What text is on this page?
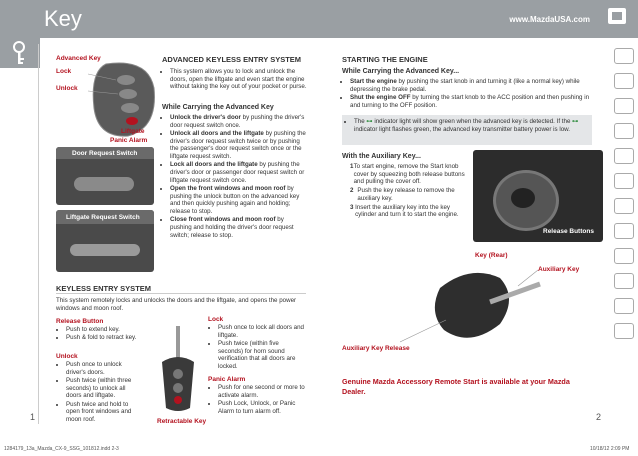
Key	www.MazdaUSA.com
Advanced Key
Lock
Unlock
Liftgate
Panic Alarm
Door Request Switch
Liftgate Request Switch
ADVANCED KEYLESS ENTRY SYSTEM
• This system allows you to lock and unlock the doors, open the liftgate and even start the engine without taking the key out of your pocket or purse.
While Carrying the Advanced Key
• Unlock the driver's door by pushing the driver's door request switch once.
• Unlock all doors and the liftgate by pushing the driver's door request switch twice or by pushing the passenger's door request switch once or the liftgate request switch.
• Lock all doors and the liftgate by pushing the driver's door or passenger door request switch or liftgate request switch once.
• Open the front windows and moon roof by pushing the unlock button on the advanced key and then quickly pushing again and holding; release to stop.
• Close front windows and moon roof by pushing and holding the driver's door request switch; release to stop.
KEYLESS ENTRY SYSTEM
This system remotely locks and unlocks the doors and the liftgate, and opens the power windows and moon roof.
Release Button
• Push to extend key.
• Push & fold to retract key.
Unlock
• Push once to unlock driver's doors.
• Push twice (within three seconds) to unlock all doors and liftgate.
• Push twice and hold to open front windows and moon roof.	Retractable Key
Lock
• Push once to lock all doors and liftgate.
• Push twice (within five seconds) for horn sound verification that all doors are locked.
Panic Alarm
• Push for one second or more to activate alarm.
• Push Lock, Unlock, or Panic Alarm to turn alarm off.
STARTING THE ENGINE
While Carrying the Advanced Key...
• Start the engine by pushing the start knob in and turning it (like a normal key) while depressing the brake pedal.
• Shut the engine OFF by turning the start knob to the ACC position and then pushing in and turning to the OFF position.
• The ⊶ indicator light will show green when the advanced key is detected. If the ⊶ indicator light flashes green, the advanced key transmitter battery power is low.
With the Auxiliary Key...
1 To start engine, remove the Start knob cover by squeezing both release buttons and pulling the cover off.
2 Push the key release to remove the auxiliary key.
3 Insert the auxiliary key into the key cylinder and turn it to start the engine.
Release Buttons
Key (Rear)
Auxiliary Key
Auxiliary Key Release
Genuine Mazda Accessory Remote Start is available at your Mazda Dealer.
1	2
1284179_13a_Mazda_CX-9_SSG_101812.indd 2-3	10/18/12 2:09 PM
